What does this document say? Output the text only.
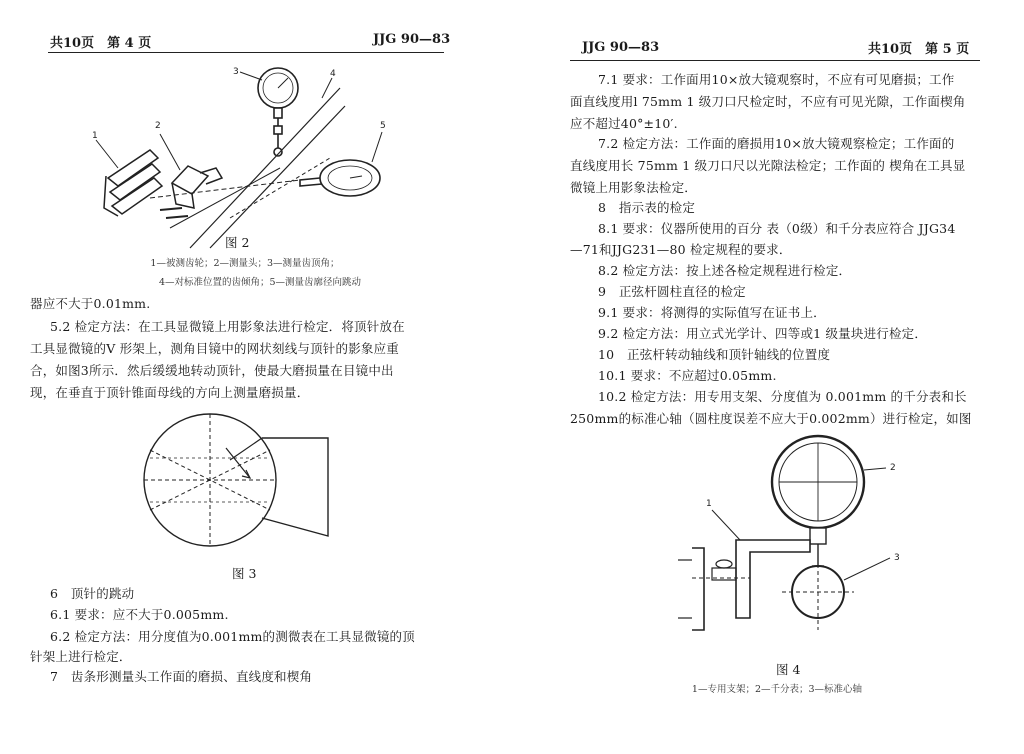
共10页　第 4 页	JJG 90—83
1
2
3	4
5
图 2
1—被测齿轮；2—测量头；3—测量齿顶角；
4—对标准位置的齿倾角；5—测量齿廓径向跳动
器应不大于0.01mm.
5.2 检定方法：在工具显微镜上用影象法进行检定．将顶针放在
工具显微镜的V 形架上，测角目镜中的网状刻线与顶针的影象应重
合，如图3所示．然后缓缓地转动顶针，使最大磨损量在目镜中出
现，在垂直于顶针锥面母线的方向上测量磨损量．
图 3
6　顶针的跳动
6.1 要求：应不大于0.005mm.
6.2 检定方法：用分度值为0.001mm的测微表在工具显微镜的顶
针架上进行检定．
7　齿条形测量头工作面的磨损、直线度和楔角
JJG 90—83	共10页　第 5 页
7.1 要求：工作面用10×放大镜观察时，不应有可见磨损；工作
面直线度用l 75mm 1 级刀口尺检定时，不应有可见光隙，工作面楔角
应不超过40°±10′.
7.2 检定方法：工作面的磨损用10×放大镜观察检定；工作面的
直线度用长 75mm 1 级刀口尺以光隙法检定；工作面的 楔角在工具显
微镜上用影象法检定．
8　指示表的检定
8.1 要求：仪器所使用的百分 表（0级）和千分表应符合 JJG34
—71和JJG231—80 检定规程的要求．
8.2 检定方法：按上述各检定规程进行检定．
9　正弦杆圆柱直径的检定
9.1 要求：将测得的实际值写在证书上．
9.2 检定方法：用立式光学计、四等或1 级量块进行检定．
10　正弦杆转动轴线和顶针轴线的位置度
10.1 要求：不应超过0.05mm.
10.2 检定方法：用专用支架、分度值为 0.001mm 的千分表和长
250mm的标准心轴（圆柱度误差不应大于0.002mm）进行检定，如图
1
2
3
图 4
1—专用支架；2—千分表；3—标准心轴
